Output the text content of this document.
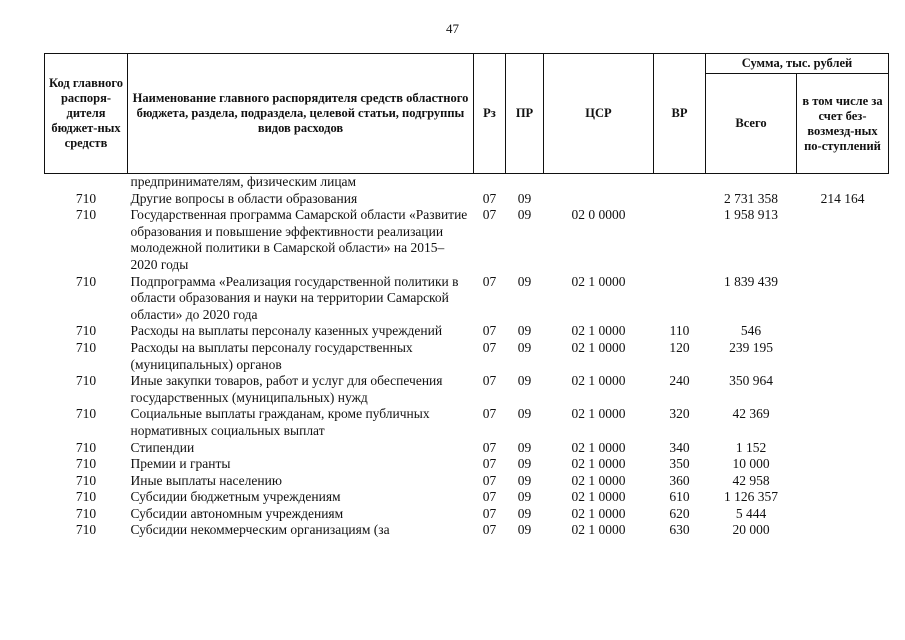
47
Код главного распоря-дителя бюджет-ных средств	Наименование главного распорядителя средств областного бюджета, раздела, подраздела, целевой статьи, подгруппы видов расходов	Рз	ПР	ЦСР	ВР	Сумма, тыс. рублей	
						Всего	в том числе за счет без-возмезд-ных по-ступлений
	предпринимателям, физическим лицам						
710	Другие вопросы в области образования	07	09			2 731 358	214 164
710	Государственная программа Самарской области «Развитие образования и повышение эффективности реализации молодежной политики в Самарской области» на 2015–2020 годы	07	09	02 0 0000		1 958 913	
710	Подпрограмма «Реализация государственной политики в области образования и науки на территории Самарской области» до 2020 года	07	09	02 1 0000		1 839 439	
710	Расходы на выплаты персоналу казенных учреждений	07	09	02 1 0000	110	546	
710	Расходы на выплаты персоналу государственных (муниципальных) органов	07	09	02 1 0000	120	239 195	
710	Иные закупки товаров, работ и услуг для обеспечения государственных (муниципальных) нужд	07	09	02 1 0000	240	350 964	
710	Социальные выплаты гражданам, кроме публичных нормативных социальных выплат	07	09	02 1 0000	320	42 369	
710	Стипендии	07	09	02 1 0000	340	1 152	
710	Премии и гранты	07	09	02 1 0000	350	10 000	
710	Иные выплаты населению	07	09	02 1 0000	360	42 958	
710	Субсидии бюджетным учреждениям	07	09	02 1 0000	610	1 126 357	
710	Субсидии автономным учреждениям	07	09	02 1 0000	620	5 444	
710	Субсидии некоммерческим организациям (за	07	09	02 1 0000	630	20 000	
